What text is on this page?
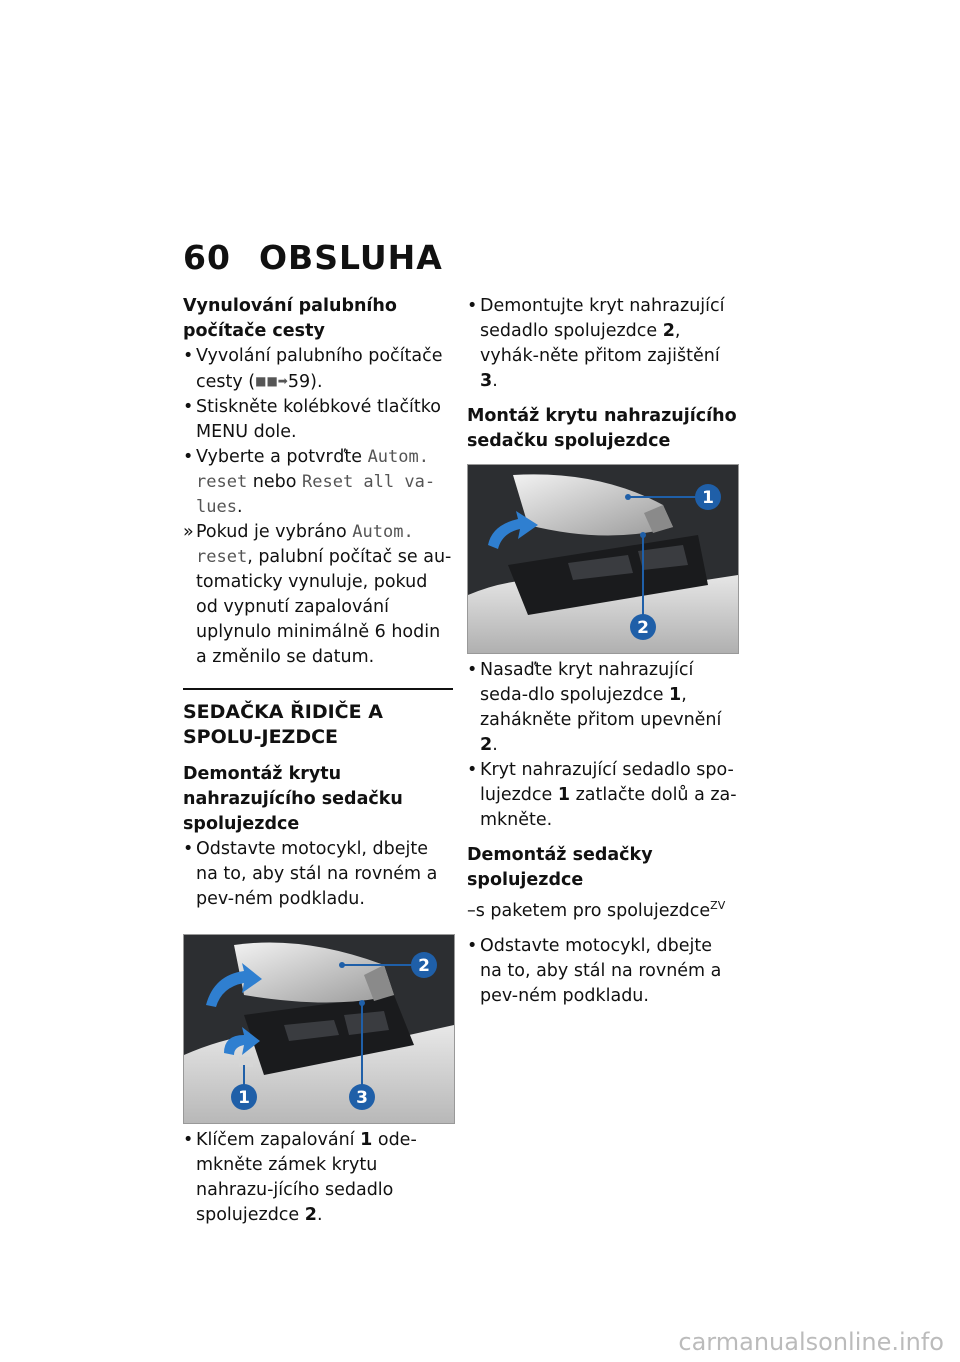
60 OBSLUHA

Vynulování palubního počítače cesty

• Vyvolání palubního počítače cesty (■■➡59).
• Stiskněte kolébkové tlačítko MENU dole.
• Vyberte a potvrďte Autom. reset nebo Reset all va-lues.
» Pokud je vybráno Autom. reset, palubní počítač se au-tomaticky vynuluje, pokud od vypnutí zapalování uplynulo minimálně 6 hodin a změnilo se datum.
SEDAČKA ŘIDIČE A SPOLU-JEZDCE

Demontáž krytu nahrazujícího sedačku spolujezdce

• Odstavte motocykl, dbejte na to, aby stál na rovném a pev-ném podkladu.
2
1	3
• Klíčem zapalování 1 ode-mkněte zámek krytu nahrazu-jícího sedadlo spolujezdce 2.
• Demontujte kryt nahrazující sedadlo spolujezdce 2, vyhák-něte přitom zajištění 3.

Montáž krytu nahrazujícího sedačku spolujezdce

1
2
• Nasaďte kryt nahrazující seda-dlo spolujezdce 1, zahákněte přitom upevnění 2.
• Kryt nahrazující sedadlo spo-lujezdce 1 zatlačte dolů a za-mkněte.

Demontáž sedačky spolujezdce

–s paketem pro spolujezdce$^{ZV}$

• Odstavte motocykl, dbejte na to, aby stál na rovném a pev-ném podkladu.
carmanualsonline.info
